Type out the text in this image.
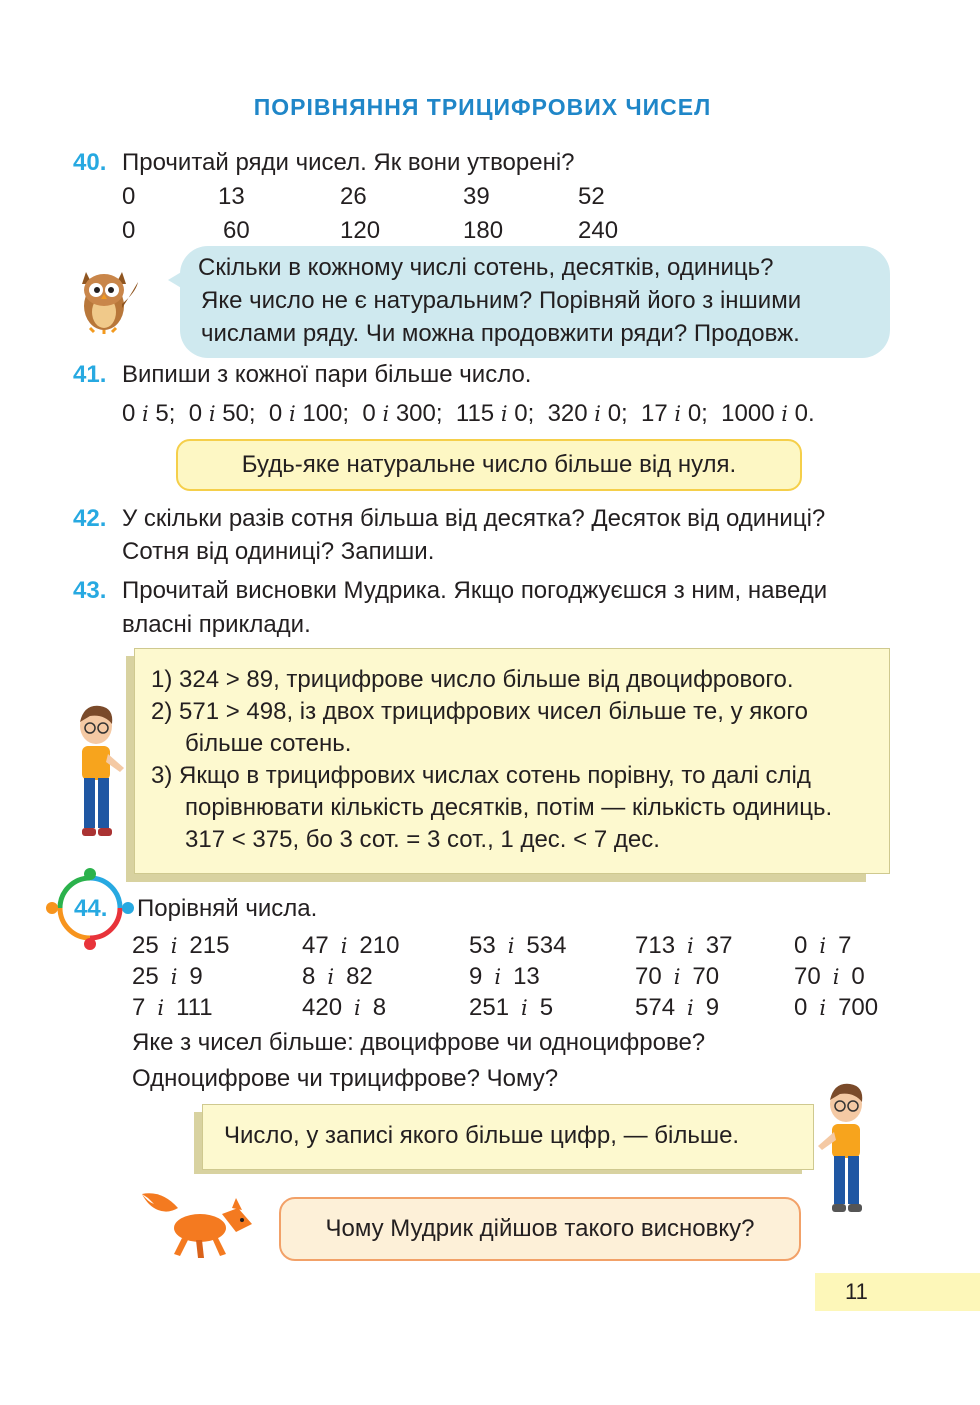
ПОРІВНЯННЯ ТРИЦИФРОВИХ ЧИСЕЛ
40. Прочитай ряди чисел. Як вони утворені?
0	13	26	39	52
0	60	120	180	240
Скільки в кожному числі сотень, десятків, одиниць?
Яке число не є натуральним? Порівняй його з іншими
числами ряду. Чи можна продовжити ряди? Продовж.
41. Випиши з кожної пари більше число.
0 і 5; 0 і 50; 0 і 100; 0 і 300; 115 і 0; 320 і 0; 17 і 0; 1000 і 0.
Будь-яке натуральне число більше від нуля.
42. У скільки разів сотня більша від десятка? Десяток від одиниці?
Сотня від одиниці? Запиши.
43. Прочитай висновки Мудрика. Якщо погоджуєшся з ним, наведи
власні приклади.
1) 324 > 89, трицифрове число більше від двоцифрового.
2) 571 > 498, із двох трицифрових чисел більше те, у якого
більше сотень.
3) Якщо в трицифрових числах сотень порівну, то далі слід
порівнювати кількість десятків, потім — кількість одиниць.
317 < 375, бо 3 сот. = 3 сот., 1 дес. < 7 дес.
44. Порівняй числа.
25 і 215	47 і 210	53 і 534	713 і 37	0 і 7
25 і 9	8 і 82	9 і 13	70 і 70	70 і 0
7 і 111	420 і 8	251 і 5	574 і 9	0 і 700
Яке з чисел більше: двоцифрове чи одноцифрове?
Одноцифрове чи трицифрове? Чому?
Число, у записі якого більше цифр, — більше.
Чому Мудрик дійшов такого висновку?
11
